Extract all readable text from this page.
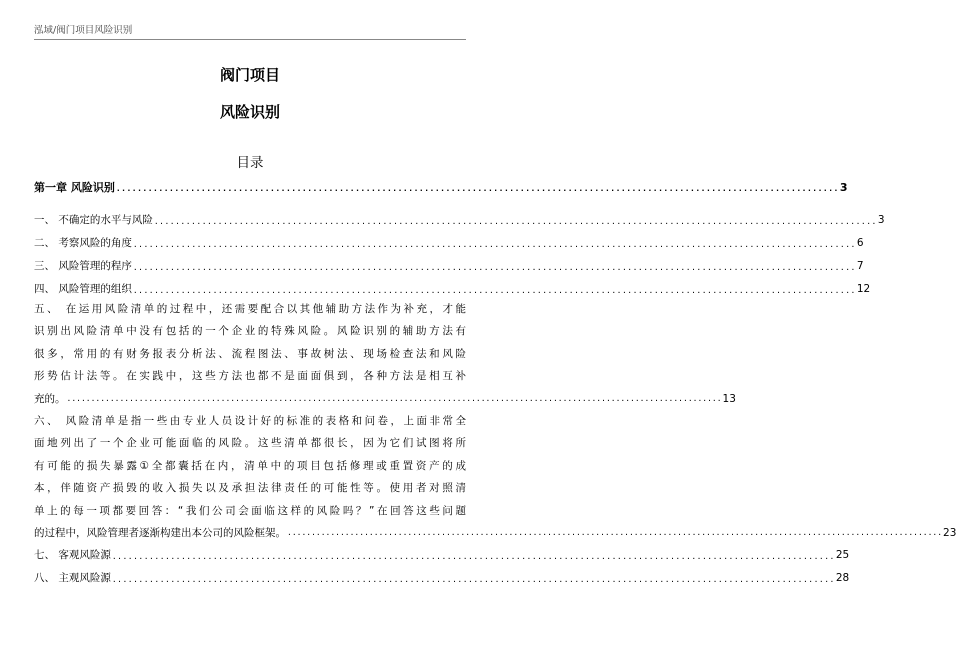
泓域/阀门项目风险识别
阀门项目
风险识别
目录
第一章 风险识别 ........................................................................................................................................ 3
一、 不确定的水平与风险 ........................................................................................................................................ 3
二、 考察风险的角度 ........................................................................................................................................ 6
三、 风险管理的程序 ........................................................................................................................................ 7
四、 风险管理的组织 ........................................................................................................................................ 12
五、 在运用风险清单的过程中，还需要配合以其他辅助方法作为补充，才能
识别出风险清单中没有包括的一个企业的特殊风险。风险识别的辅助方法有
很多，常用的有财务报表分析法、流程图法、事故树法、现场检查法和风险
形势估计法等。在实践中，这些方法也都不是面面俱到，各种方法是相互补
充的。 ........................................................................................................................................ 13
六、 风险清单是指一些由专业人员设计好的标准的表格和问卷，上面非常全
面地列出了一个企业可能面临的风险。这些清单都很长，因为它们试图将所
有可能的损失暴露①全都囊括在内，清单中的项目包括修理或重置资产的成
本，伴随资产损毁的收入损失以及承担法律责任的可能性等。使用者对照清
单上的每一项都要回答：“我们公司会面临这样的风险吗？”在回答这些问题
的过程中，风险管理者逐渐构建出本公司的风险框架。 ........................................................................................................................................ 23
七、 客观风险源 ........................................................................................................................................ 25
八、 主观风险源 ........................................................................................................................................ 28
